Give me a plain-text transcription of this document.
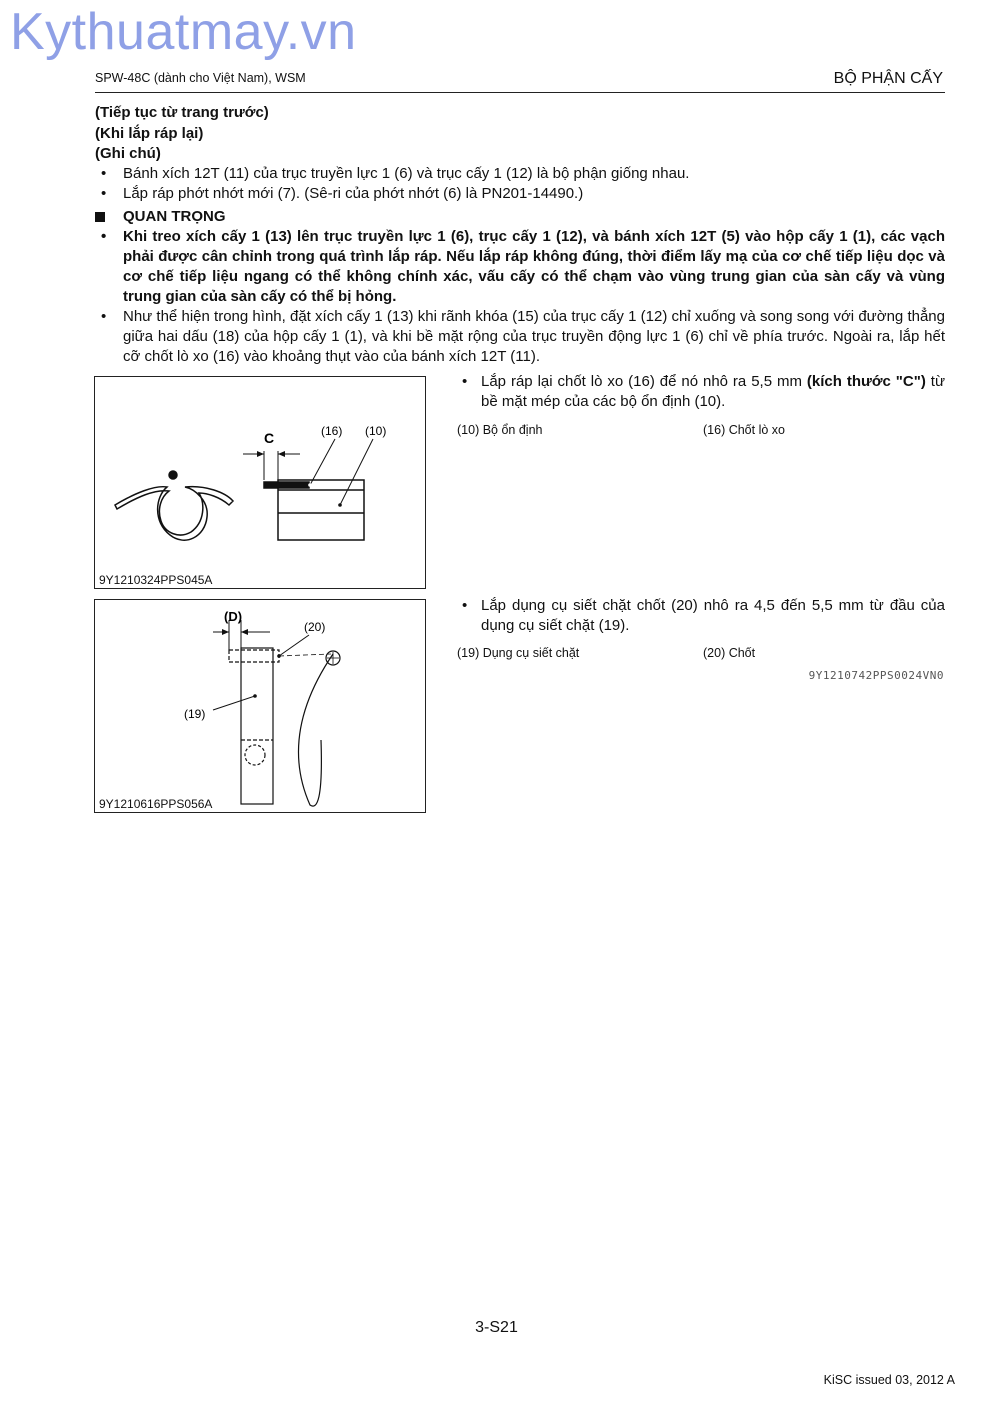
Kythuatmay.vn
SPW-48C (dành cho Việt Nam), WSM	BỘ PHẬN CẤY
(Tiếp tục từ trang trước)
(Khi lắp ráp lại)
(Ghi chú)
• Bánh xích 12T (11) của trục truyền lực 1 (6) và trục cấy 1 (12) là bộ phận giống nhau.
• Lắp ráp phớt nhớt mới (7). (Sê-ri của phớt nhớt (6) là PN201-14490.)
QUAN TRỌNG
• Khi treo xích cấy 1 (13) lên trục truyền lực 1 (6), trục cấy 1 (12), và bánh xích 12T (5) vào hộp cấy 1 (1), các vạch phải được cân chỉnh trong quá trình lắp ráp. Nếu lắp ráp không đúng, thời điểm lấy mạ của cơ chế tiếp liệu dọc và cơ chế tiếp liệu ngang có thể không chính xác, vấu cấy có thể chạm vào vùng trung gian của sàn cấy và vùng trung gian của sàn cấy có thể bị hỏng.
• Như thể hiện trong hình, đặt xích cấy 1 (13) khi rãnh khóa (15) của trục cấy 1 (12) chỉ xuống và song song với đường thẳng giữa hai dấu (18) của hộp cấy 1 (1), và khi bề mặt rộng của trục truyền động lực 1 (6) chỉ về phía trước. Ngoài ra, lắp hết cỡ chốt lò xo (16) vào khoảng thụt vào của bánh xích 12T (11).
C	(16) (10)
9Y1210324PPS045A
• Lắp ráp lại chốt lò xo (16) để nó nhô ra 5,5 mm (kích thước "C") từ bề mặt mép của các bộ ổn định (10).
(10) Bộ ổn định	(16) Chốt lò xo
(D)
(20)
(19)
9Y1210616PPS056A
• Lắp dụng cụ siết chặt chốt (20) nhô ra 4,5 đến 5,5 mm từ đầu của dụng cụ siết chặt (19).
(19) Dụng cụ siết chặt	(20) Chốt
9Y1210742PPS0024VN0
3-S21
KiSC issued 03, 2012 A
